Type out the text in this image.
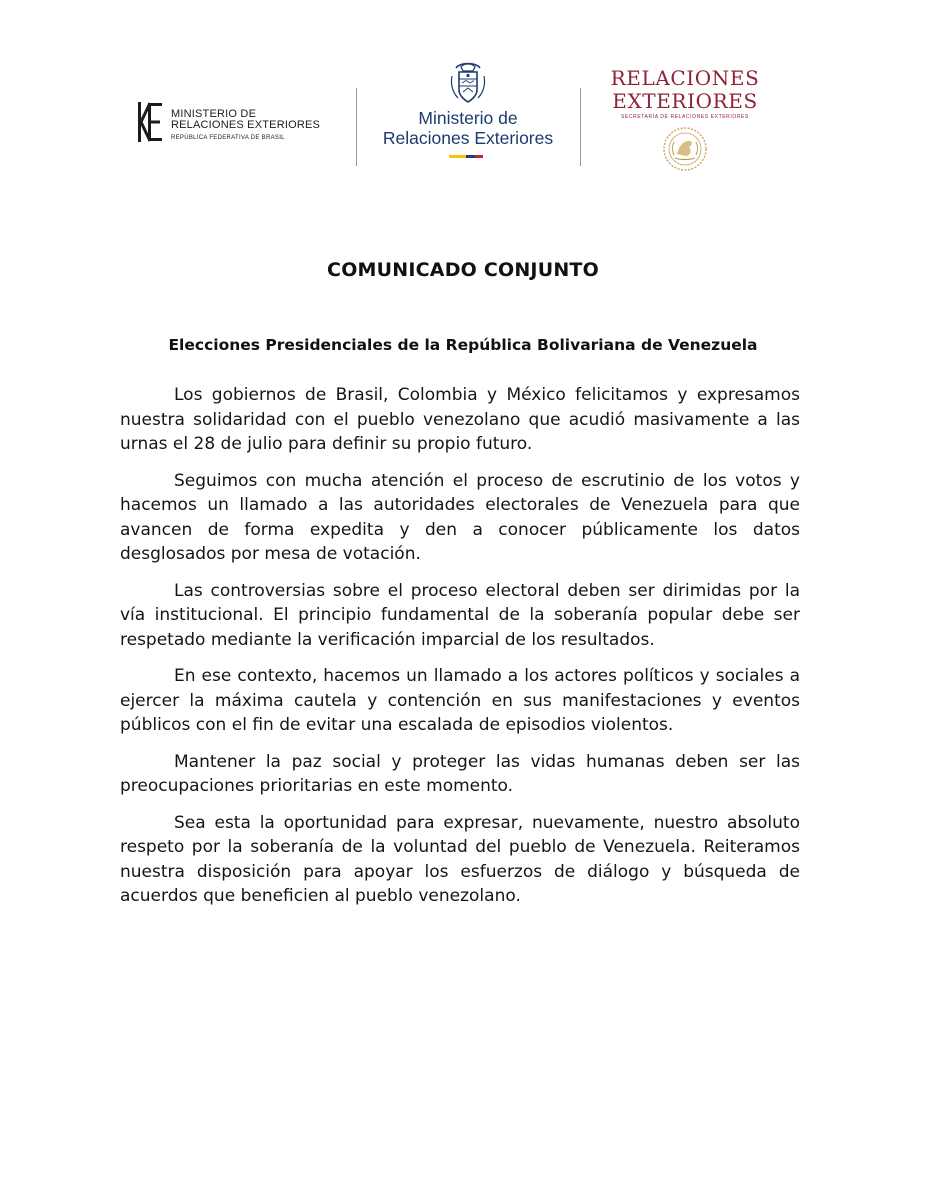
MINISTERIO DE
RELACIONES EXTERIORES
REPÚBLICA FEDERATIVA DE BRASIL
Ministerio de
Relaciones Exteriores
RELACIONES
EXTERIORES
SECRETARÍA DE RELACIONES EXTERIORES
COMUNICADO CONJUNTO
Elecciones Presidenciales de la República Bolivariana de Venezuela

Los gobiernos de Brasil, Colombia y México felicitamos y expresamos nuestra solidaridad con el pueblo venezolano que acudió masivamente a las urnas el 28 de julio para definir su propio futuro.

Seguimos con mucha atención el proceso de escrutinio de los votos y hacemos un llamado a las autoridades electorales de Venezuela para que avancen de forma expedita y den a conocer públicamente los datos desglosados por mesa de votación.

Las controversias sobre el proceso electoral deben ser dirimidas por la vía institucional. El principio fundamental de la soberanía popular debe ser respetado mediante la verificación imparcial de los resultados.

En ese contexto, hacemos un llamado a los actores políticos y sociales a ejercer la máxima cautela y contención en sus manifestaciones y eventos públicos con el fin de evitar una escalada de episodios violentos.

Mantener la paz social y proteger las vidas humanas deben ser las preocupaciones prioritarias en este momento.

Sea esta la oportunidad para expresar, nuevamente, nuestro absoluto respeto por la soberanía de la voluntad del pueblo de Venezuela. Reiteramos nuestra disposición para apoyar los esfuerzos de diálogo y búsqueda de acuerdos que beneficien al pueblo venezolano.
